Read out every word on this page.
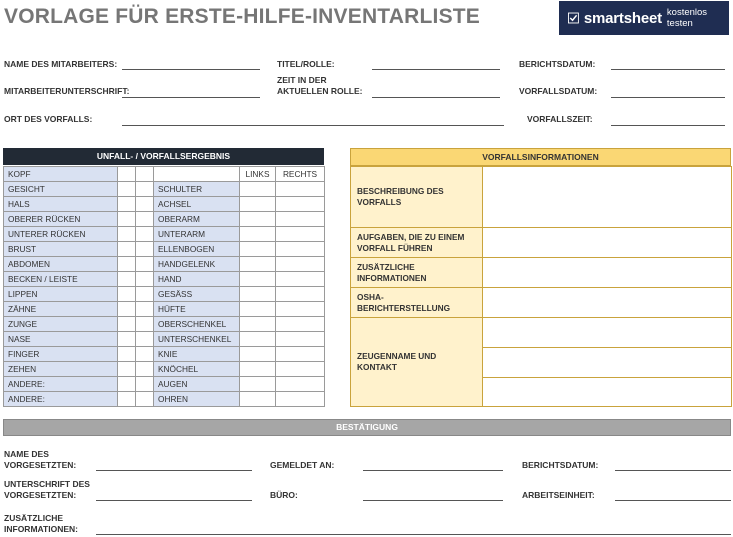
VORLAGE FÜR ERSTE-HILFE-INVENTARLISTE	smartsheet kostenlos testen
NAME DES MITARBEITERS:	TITEL/ROLLE:	BERICHTSDATUM:
MITARBEITERUNTERSCHRIFT:
ZEIT IN DER AKTUELLEN ROLLE:	VORFALLSDATUM:
ORT DES VORFALLS:	VORFALLSZEIT:
UNFALL- / VORFALLSERGEBNIS
KOPF				LINKS	RECHTS
GESICHT			SCHULTER		
HALS			ACHSEL		
OBERER RÜCKEN			OBERARM		
UNTERER RÜCKEN			UNTERARM		
BRUST			ELLENBOGEN		
ABDOMEN			HANDGELENK		
BECKEN / LEISTE			HAND		
LIPPEN			GESÄSS		
ZÄHNE			HÜFTE		
ZUNGE			OBERSCHENKEL		
NASE			UNTERSCHENKEL		
FINGER			KNIE		
ZEHEN			KNÖCHEL		
ANDERE:			AUGEN		
ANDERE:			OHREN		
VORFALLSINFORMATIONEN
BESCHREIBUNG DES VORFALLS	
AUFGABEN, DIE ZU EINEM VORFALL FÜHREN	
ZUSÄTZLICHE INFORMATIONEN	
OSHA-BERICHTERSTELLUNG	
ZEUGENNAME UND KONTAKT	

BESTÄTIGUNG
NAME DES VORGESETZTEN:	GEMELDET AN:	BERICHTSDATUM:
UNTERSCHRIFT DES VORGESETZTEN:	BÜRO:	ARBEITSEINHEIT:
ZUSÄTZLICHE INFORMATIONEN:
